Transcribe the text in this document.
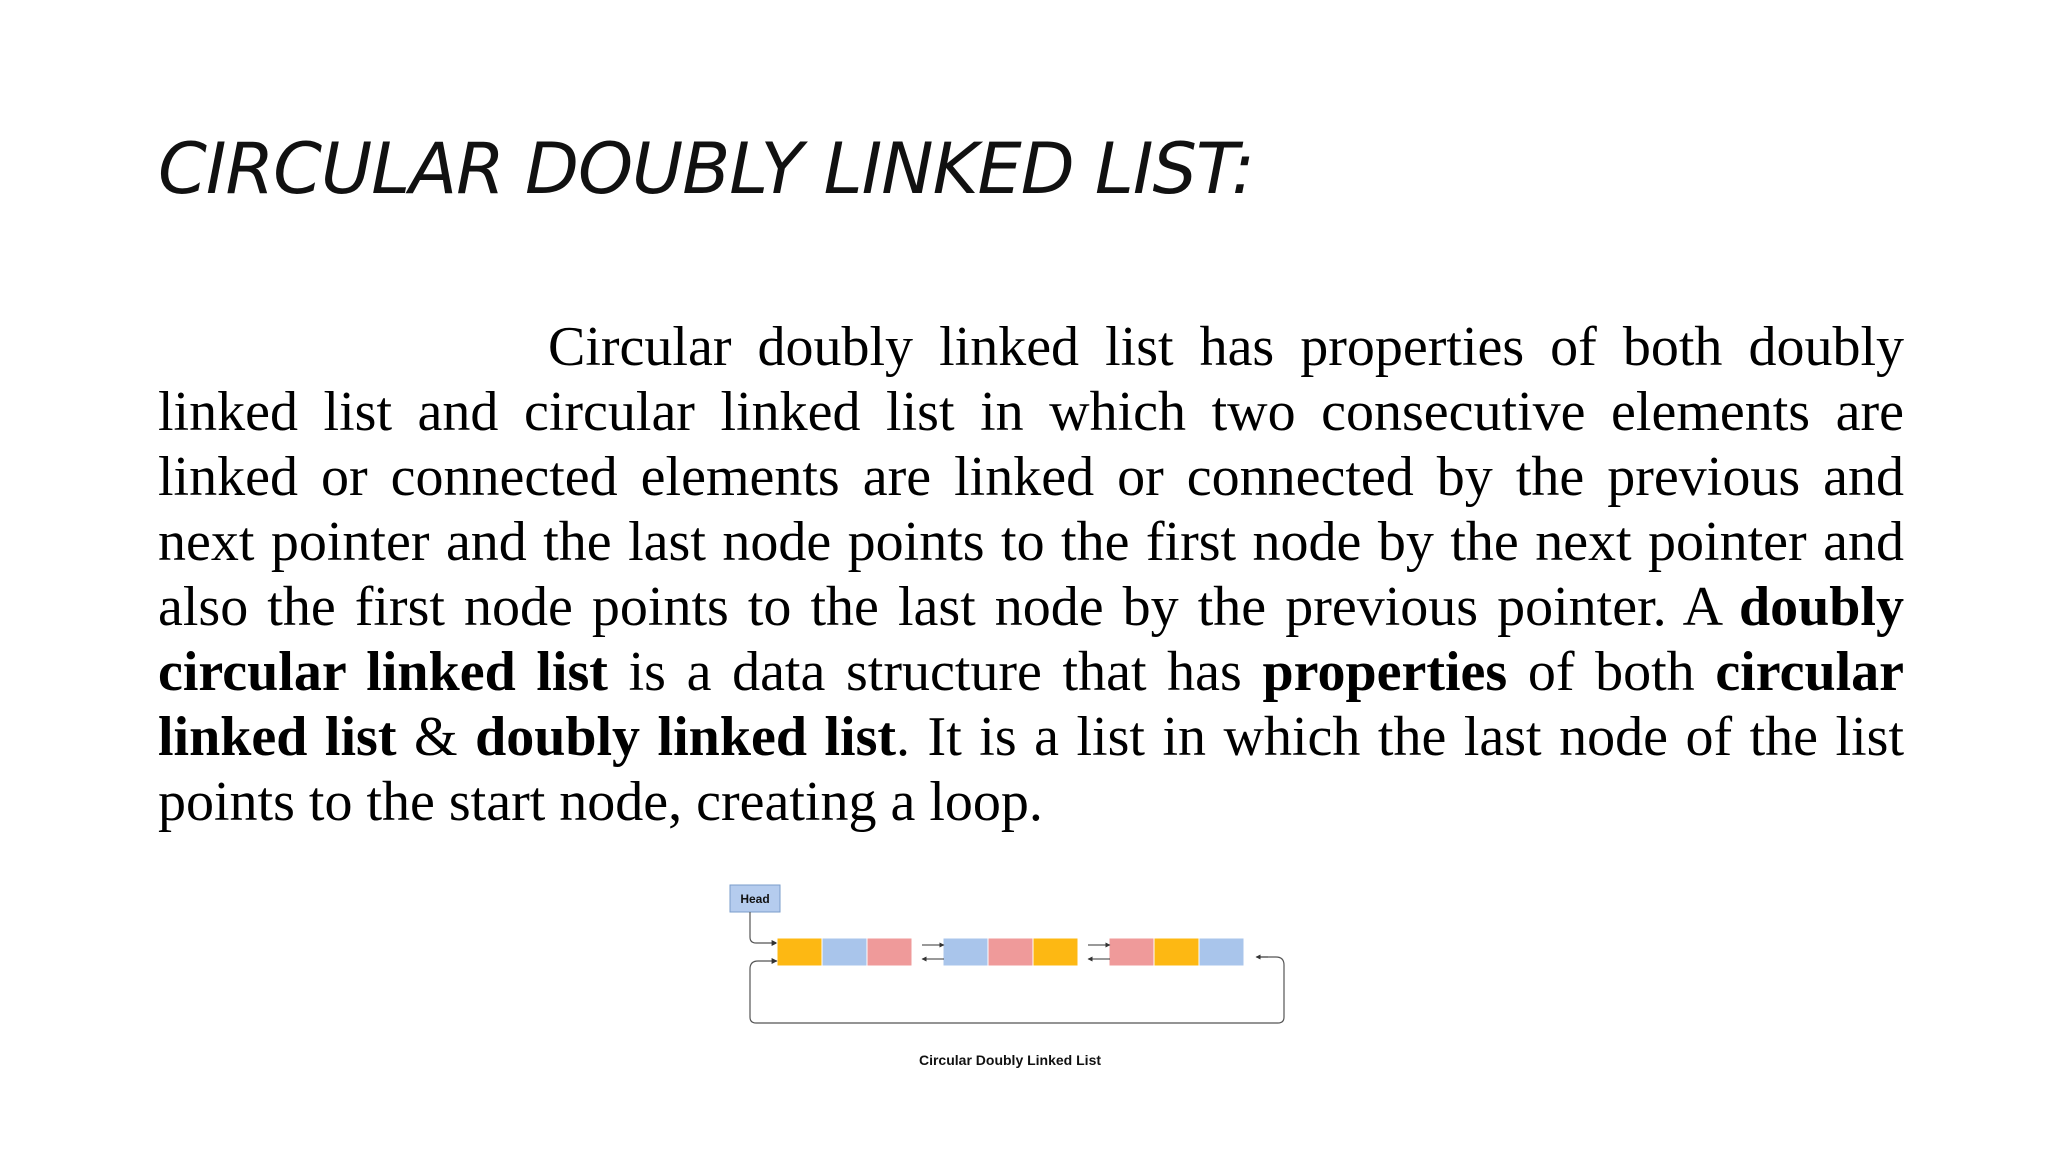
CIRCULAR DOUBLY LINKED LIST:

Circular doubly linked list has properties of both doubly linked list and circular linked list in which two consecutive elements are linked or connected elements are linked or connected by the previous and next pointer and the last node points to the first node by the next pointer and also the first node points to the last node by the previous pointer. A doubly circular linked list is a data structure that has properties of both circular linked list & doubly linked list. It is a list in which the last node of the list points to the start node, creating a loop.

Head
Circular Doubly Linked List
